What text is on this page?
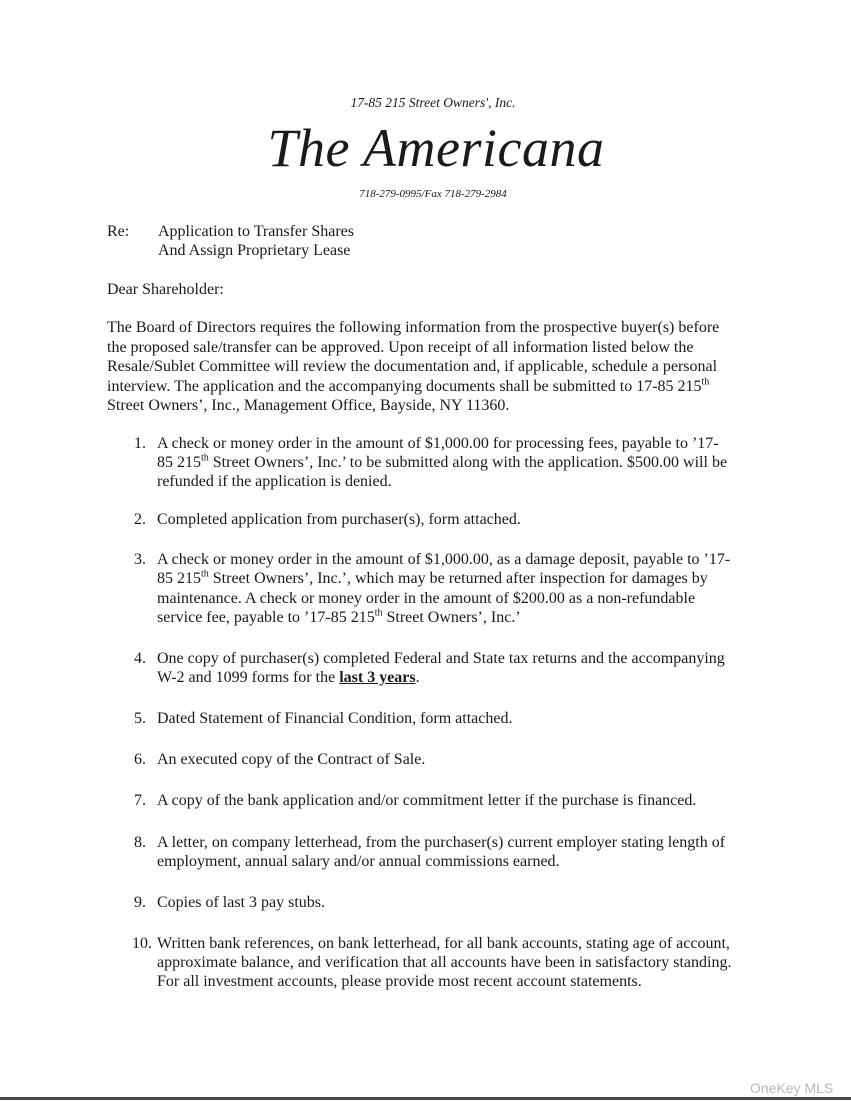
17-85 215 Street Owners', Inc.
The Americana
718-279-0995/Fax 718-279-2984
Re: Application to Transfer Shares
And Assign Proprietary Lease
Dear Shareholder:
The Board of Directors requires the following information from the prospective buyer(s) before
the proposed sale/transfer can be approved. Upon receipt of all information listed below the
Resale/Sublet Committee will review the documentation and, if applicable, schedule a personal
interview. The application and the accompanying documents shall be submitted to 17-85 215th
Street Owners’, Inc., Management Office, Bayside, NY 11360.
1. A check or money order in the amount of $1,000.00 for processing fees, payable to ’17-
85 215th Street Owners’, Inc.’ to be submitted along with the application. $500.00 will be
refunded if the application is denied.
2. Completed application from purchaser(s), form attached.
3. A check or money order in the amount of $1,000.00, as a damage deposit, payable to ’17-
85 215th Street Owners’, Inc.’, which may be returned after inspection for damages by
maintenance. A check or money order in the amount of $200.00 as a non-refundable
service fee, payable to ’17-85 215th Street Owners’, Inc.’
4. One copy of purchaser(s) completed Federal and State tax returns and the accompanying
W-2 and 1099 forms for the last 3 years.
5. Dated Statement of Financial Condition, form attached.
6. An executed copy of the Contract of Sale.
7. A copy of the bank application and/or commitment letter if the purchase is financed.
8. A letter, on company letterhead, from the purchaser(s) current employer stating length of
employment, annual salary and/or annual commissions earned.
9. Copies of last 3 pay stubs.
10. Written bank references, on bank letterhead, for all bank accounts, stating age of account,
approximate balance, and verification that all accounts have been in satisfactory standing.
For all investment accounts, please provide most recent account statements.
OneKey MLS
